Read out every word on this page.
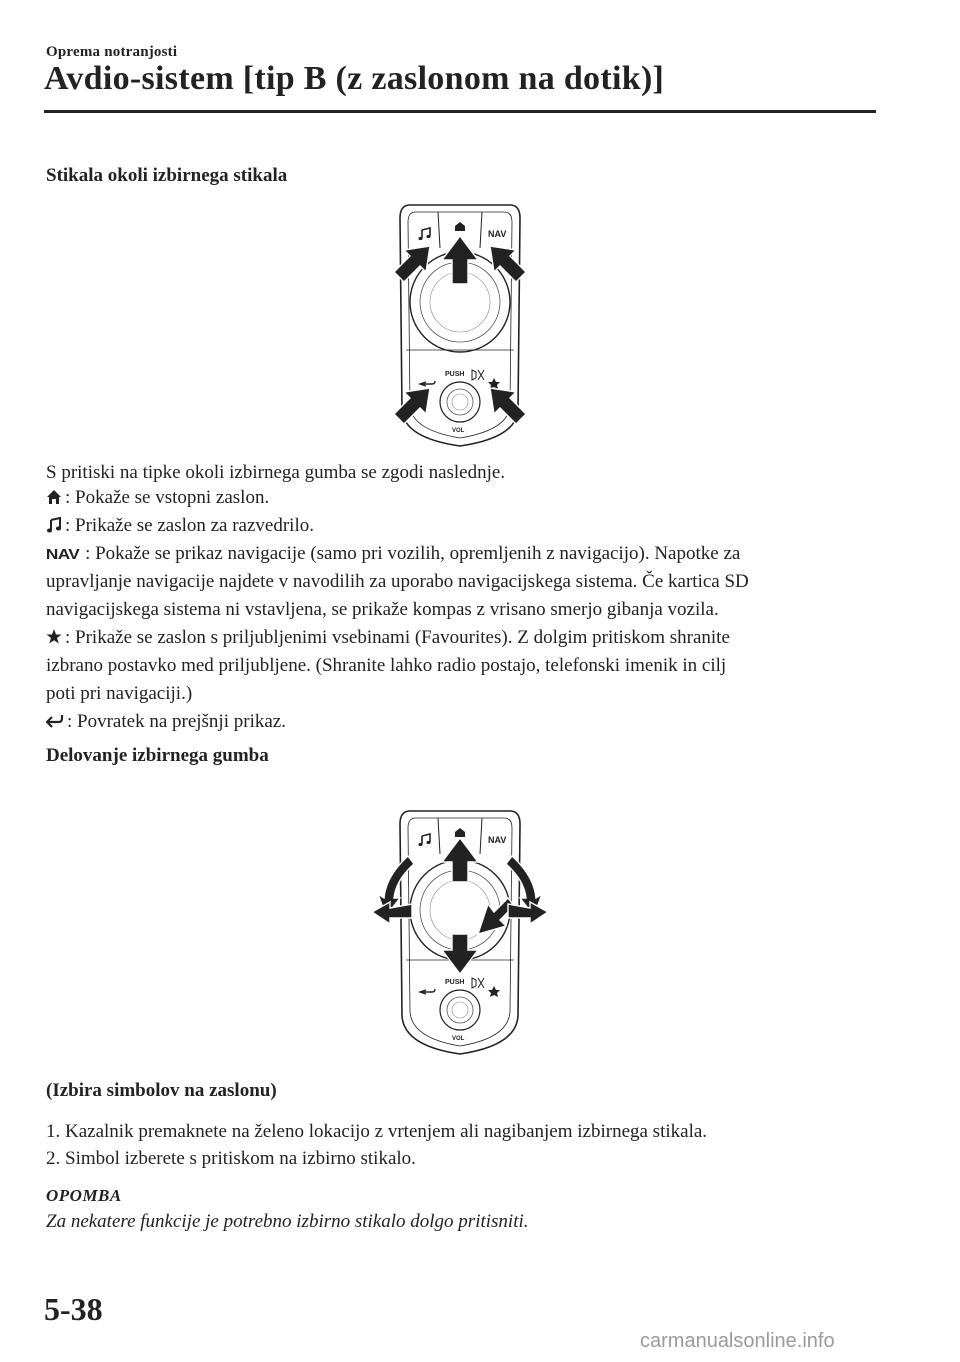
Oprema notranjosti
Avdio-sistem [tip B (z zaslonom na dotik)]
Stikala okoli izbirnega stikala
NAV
PUSH
VOL
S pritiski na tipke okoli izbirnega gumba se zgodi naslednje.
: Pokaže se vstopni zaslon.
: Prikaže se zaslon za razvedrilo.
NAV : Pokaže se prikaz navigacije (samo pri vozilih, opremljenih z navigacijo). Napotke za
upravljanje navigacije najdete v navodilih za uporabo navigacijskega sistema. Če kartica SD
navigacijskega sistema ni vstavljena, se prikaže kompas z vrisano smerjo gibanja vozila.
: Prikaže se zaslon s priljubljenimi vsebinami (Favourites). Z dolgim pritiskom shranite
izbrano postavko med priljubljene. (Shranite lahko radio postajo, telefonski imenik in cilj
poti pri navigaciji.)
: Povratek na prejšnji prikaz.
Delovanje izbirnega gumba
NAV
PUSH
VOL
(Izbira simbolov na zaslonu)
1. Kazalnik premaknete na želeno lokacijo z vrtenjem ali nagibanjem izbirnega stikala.
2. Simbol izberete s pritiskom na izbirno stikalo.
OPOMBA
Za nekatere funkcije je potrebno izbirno stikalo dolgo pritisniti.
5-38
carmanualsonline.info
